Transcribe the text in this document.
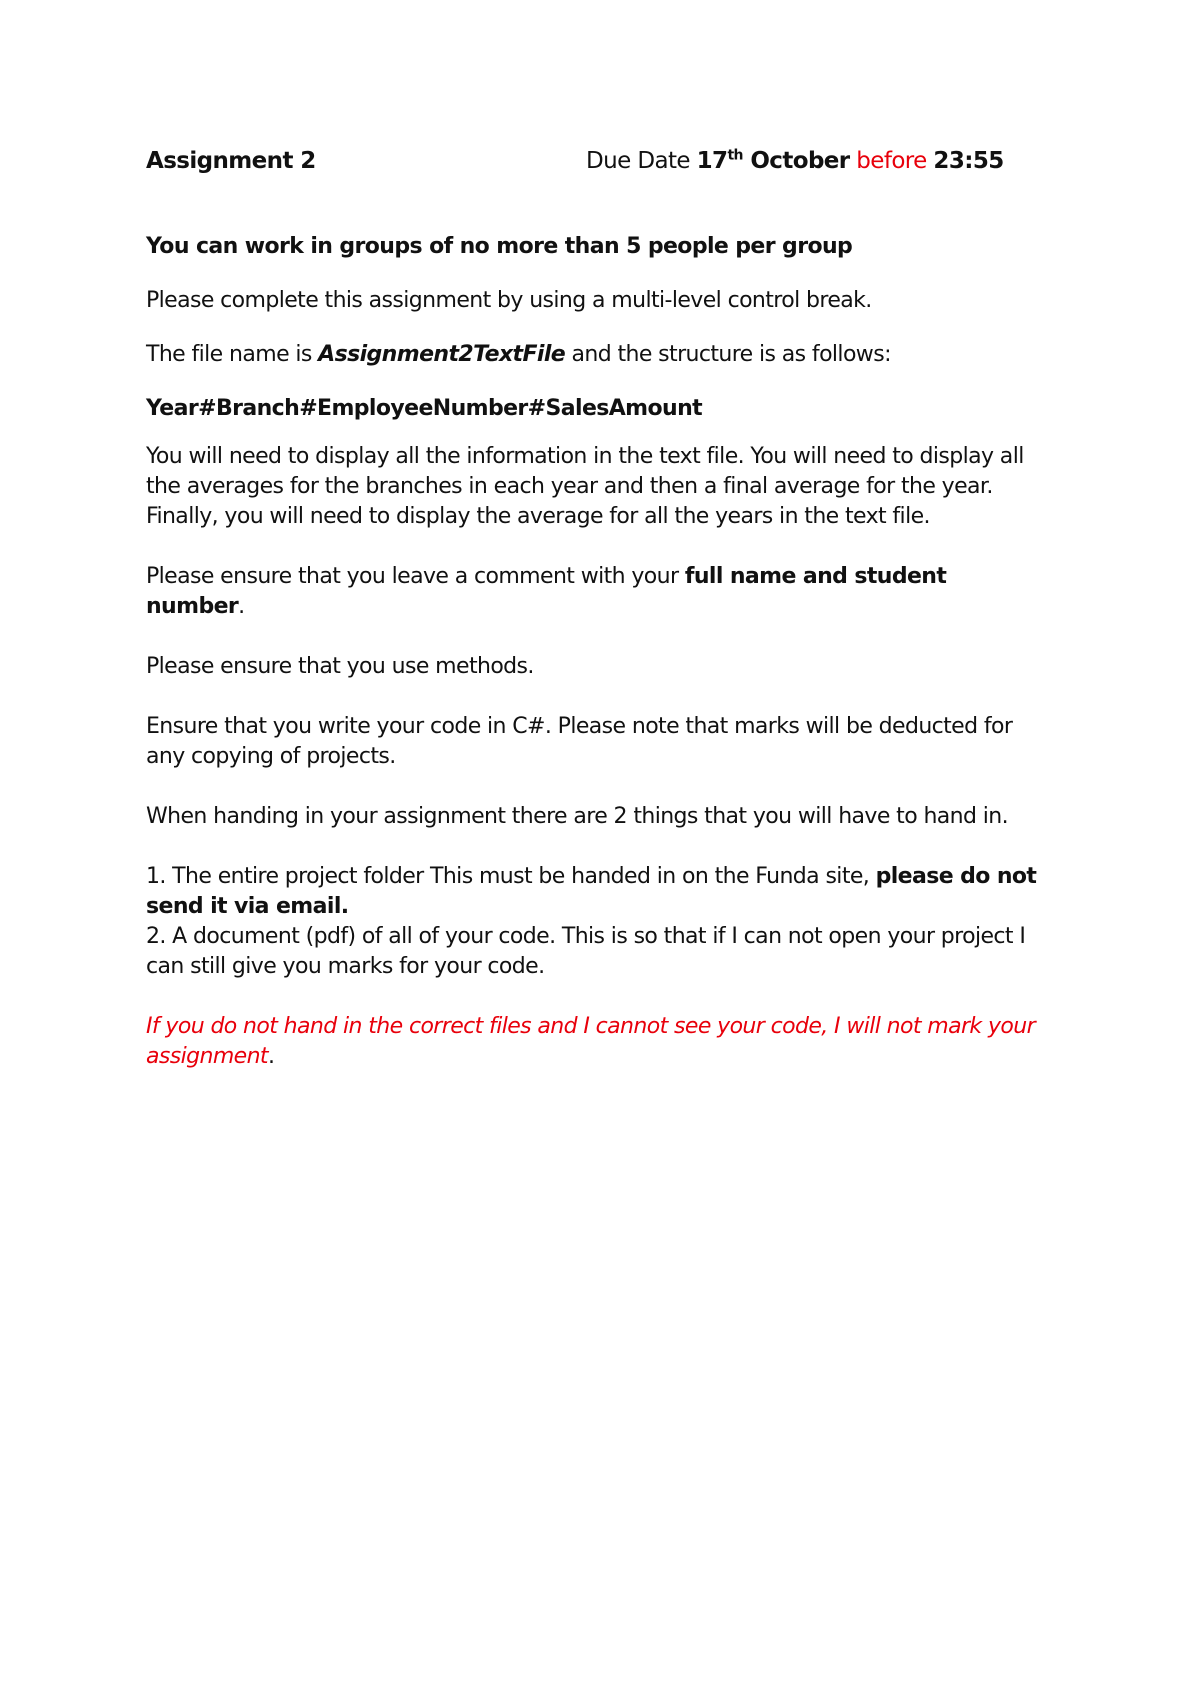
Assignment 2	Due Date 17th October before 23:55

You can work in groups of no more than 5 people per group

Please complete this assignment by using a multi-level control break.

The file name is Assignment2TextFile and the structure is as follows:

Year#Branch#EmployeeNumber#SalesAmount

You will need to display all the information in the text file. You will need to display all the averages for the branches in each year and then a final average for the year. Finally, you will need to display the average for all the years in the text file.

Please ensure that you leave a comment with your full name and student number.

Please ensure that you use methods.

Ensure that you write your code in C#. Please note that marks will be deducted for any copying of projects.

When handing in your assignment there are 2 things that you will have to hand in.

1. The entire project folder This must be handed in on the Funda site, please do not send it via email.

2. A document (pdf) of all of your code. This is so that if I can not open your project I can still give you marks for your code.

If you do not hand in the correct files and I cannot see your code, I will not mark your assignment.
